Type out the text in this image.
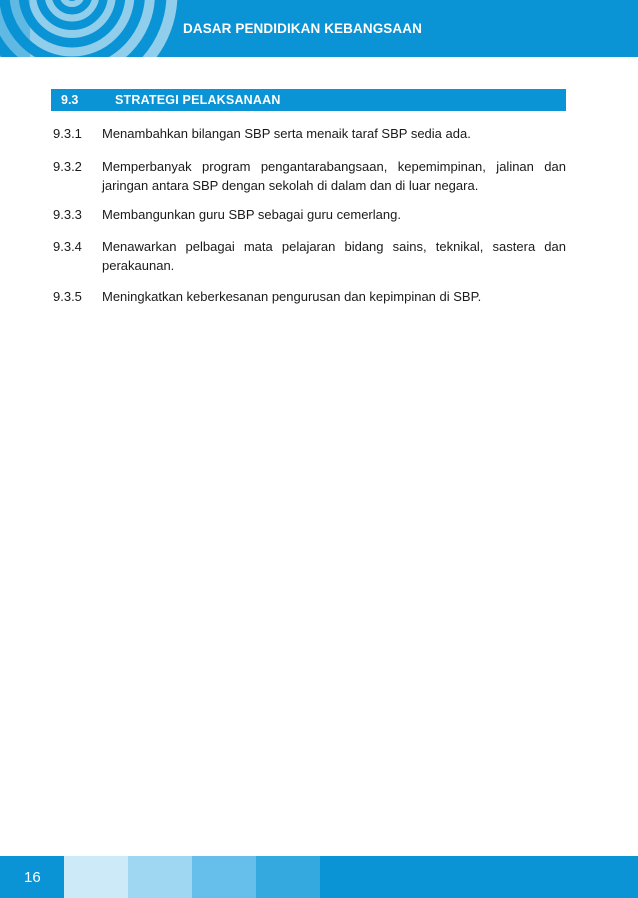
DASAR PENDIDIKAN KEBANGSAAN
9.3	STRATEGI PELAKSANAAN
9.3.1 Menambahkan bilangan SBP serta menaik taraf SBP sedia ada.
9.3.2 Memperbanyak program pengantarabangsaan, kepemimpinan, jalinan dan jaringan antara SBP dengan sekolah di dalam dan di luar negara.
9.3.3 Membangunkan guru SBP sebagai guru cemerlang.
9.3.4 Menawarkan pelbagai mata pelajaran bidang sains, teknikal, sastera dan perakaunan.
9.3.5 Meningkatkan keberkesanan pengurusan dan kepimpinan di SBP.
16
